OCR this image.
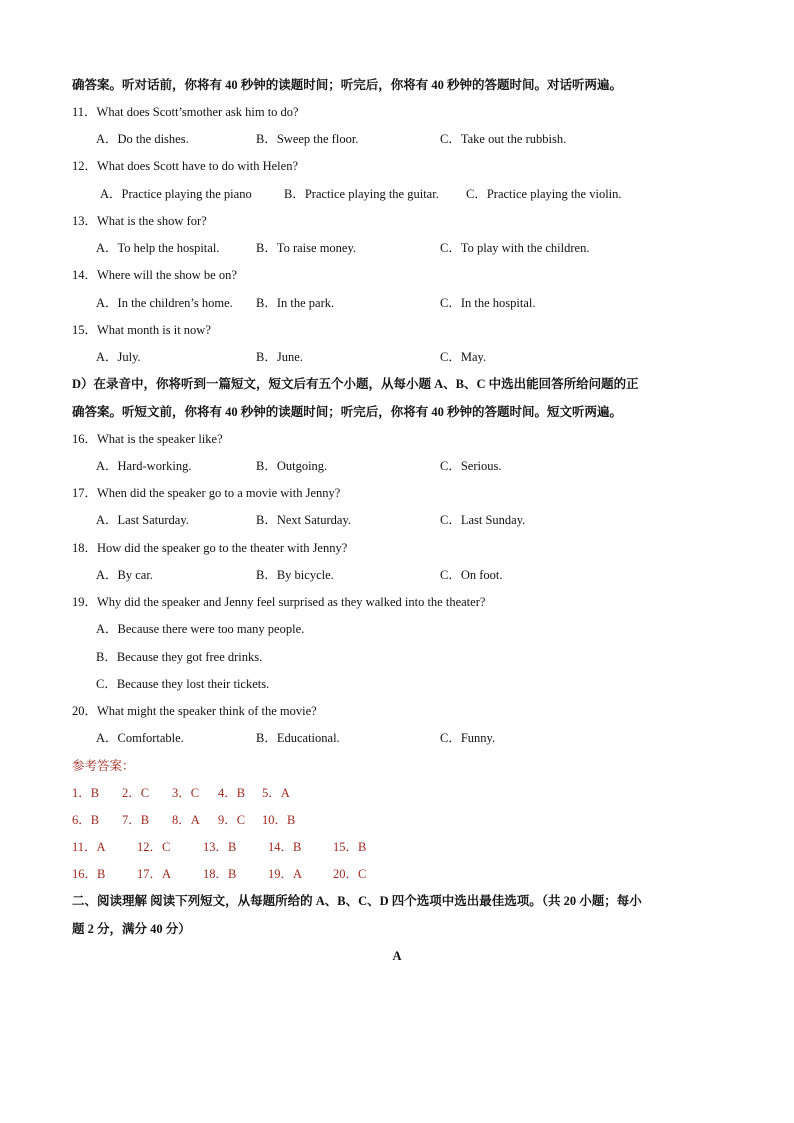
确答案。听对话前，你将有 40 秒钟的读题时间；听完后，你将有 40 秒钟的答题时间。对话听两遍。
11．What does Scott’smother ask him to do?
A．Do the dishes.	B．Sweep the floor.	C．Take out the rubbish.
12．What does Scott have to do with Helen?
A．Practice playing the piano	B．Practice playing the guitar. C．Practice playing the violin.
13．What is the show for?
A．To help the hospital.	B．To raise money.	C．To play with the children.
14．Where will the show be on?
A．In the children’s home. B．In the park.	C．In the hospital.
15．What month is it now?
A．July.	B．June.	C．May.
D）在录音中，你将听到一篇短文，短文后有五个小题，从每小题 A、B、C 中选出能回答所给问题的正
确答案。听短文前，你将有 40 秒钟的读题时间；听完后，你将有 40 秒钟的答题时间。短文听两遍。
16．What is the speaker like?
A．Hard-working.	B．Outgoing.	C．Serious.
17．When did the speaker go to a movie with Jenny?
A．Last Saturday.	B．Next Saturday.	C．Last Sunday.
18．How did the speaker go to the theater with Jenny?
A．By car.	B．By bicycle.	C．On foot.
19．Why did the speaker and Jenny feel surprised as they walked into the theater?
A．Because there were too many people.
B．Because they got free drinks.
C．Because they lost their tickets.
20．What might the speaker think of the movie?
A．Comfortable.	B．Educational.	C．Funny.
参考答案：
1．B 2．C 3．C 4．B 5．A
6．B 7．B 8．A 9．C 10．B
11．A	12．C	13．B	14．B	15．B
16．B	17．A	18．B	19．A 20．C
二、阅读理解 阅读下列短文，从每题所给的 A、B、C、D 四个选项中选出最佳选项。（共 20 小题；每小
题 2 分，满分 40 分）
A
